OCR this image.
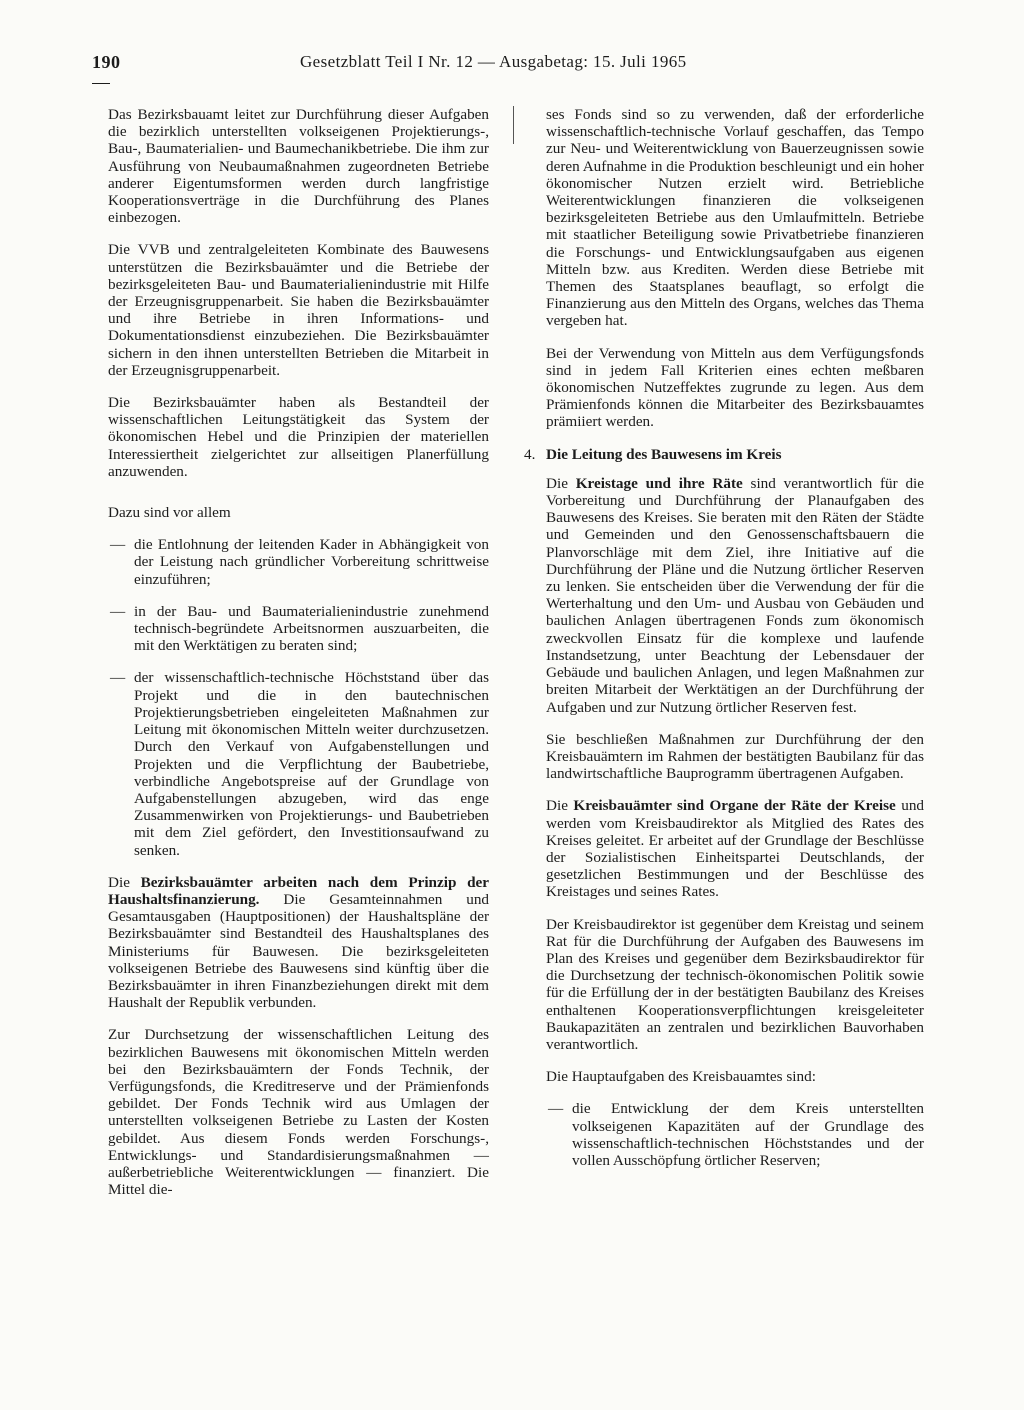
190	Gesetzblatt Teil I Nr. 12 — Ausgabetag: 15. Juli 1965

Das Bezirksbauamt leitet zur Durchführung dieser Aufgaben die bezirklich unterstellten volkseigenen Projektierungs-, Bau-, Baumaterialien- und Baumechanikbetriebe. Die ihm zur Ausführung von Neubaumaßnahmen zugeordneten Betriebe anderer Eigentumsformen werden durch langfristige Kooperationsverträge in die Durchführung des Planes einbezogen.

Die VVB und zentralgeleiteten Kombinate des Bauwesens unterstützen die Bezirksbauämter und die Betriebe der bezirksgeleiteten Bau- und Baumaterialienindustrie mit Hilfe der Erzeugnisgruppenarbeit. Sie haben die Bezirksbauämter und ihre Betriebe in ihren Informations- und Dokumentationsdienst einzubeziehen. Die Bezirksbauämter sichern in den ihnen unterstellten Betrieben die Mitarbeit in der Erzeugnisgruppenarbeit.

Die Bezirksbauämter haben als Bestandteil der wissenschaftlichen Leitungstätigkeit das System der ökonomischen Hebel und die Prinzipien der materiellen Interessiertheit zielgerichtet zur allseitigen Planerfüllung anzuwenden.

Dazu sind vor allem

— die Entlohnung der leitenden Kader in Abhängigkeit von der Leistung nach gründlicher Vorbereitung schrittweise einzuführen;
— in der Bau- und Baumaterialienindustrie zunehmend technisch-begründete Arbeitsnormen auszuarbeiten, die mit den Werktätigen zu beraten sind;
— der wissenschaftlich-technische Höchststand über das Projekt und die in den bautechnischen Projektierungsbetrieben eingeleiteten Maßnahmen zur Leitung mit ökonomischen Mitteln weiter durchzusetzen. Durch den Verkauf von Aufgabenstellungen und Projekten und die Verpflichtung der Baubetriebe, verbindliche Angebotspreise auf der Grundlage von Aufgabenstellungen abzugeben, wird das enge Zusammenwirken von Projektierungs- und Baubetrieben mit dem Ziel gefördert, den Investitionsaufwand zu senken.

Die Bezirksbauämter arbeiten nach dem Prinzip der Haushaltsfinanzierung. Die Gesamteinnahmen und Gesamtausgaben (Hauptpositionen) der Haushaltspläne der Bezirksbauämter sind Bestandteil des Haushaltsplanes des Ministeriums für Bauwesen. Die bezirksgeleiteten volkseigenen Betriebe des Bauwesens sind künftig über die Bezirksbauämter in ihren Finanzbeziehungen direkt mit dem Haushalt der Republik verbunden.

Zur Durchsetzung der wissenschaftlichen Leitung des bezirklichen Bauwesens mit ökonomischen Mitteln werden bei den Bezirksbauämtern der Fonds Technik, der Verfügungsfonds, die Kreditreserve und der Prämienfonds gebildet. Der Fonds Technik wird aus Umlagen der unterstellten volkseigenen Betriebe zu Lasten der Kosten gebildet. Aus diesem Fonds werden Forschungs-, Entwicklungs- und Standardisierungsmaßnahmen — außerbetriebliche Weiterentwicklungen — finanziert. Die Mittel die-

ses Fonds sind so zu verwenden, daß der erforderliche wissenschaftlich-technische Vorlauf geschaffen, das Tempo zur Neu- und Weiterentwicklung von Bauerzeugnissen sowie deren Aufnahme in die Produktion beschleunigt und ein hoher ökonomischer Nutzen erzielt wird. Betriebliche Weiterentwicklungen finanzieren die volkseigenen bezirksgeleiteten Betriebe aus den Umlaufmitteln. Betriebe mit staatlicher Beteiligung sowie Privatbetriebe finanzieren die Forschungs- und Entwicklungsaufgaben aus eigenen Mitteln bzw. aus Krediten. Werden diese Betriebe mit Themen des Staatsplanes beauflagt, so erfolgt die Finanzierung aus den Mitteln des Organs, welches das Thema vergeben hat.

Bei der Verwendung von Mitteln aus dem Verfügungsfonds sind in jedem Fall Kriterien eines echten meßbaren ökonomischen Nutzeffektes zugrunde zu legen. Aus dem Prämienfonds können die Mitarbeiter des Bezirksbauamtes prämiiert werden.

4. Die Leitung des Bauwesens im Kreis

Die Kreistage und ihre Räte sind verantwortlich für die Vorbereitung und Durchführung der Planaufgaben des Bauwesens des Kreises. Sie beraten mit den Räten der Städte und Gemeinden und den Genossenschaftsbauern die Planvorschläge mit dem Ziel, ihre Initiative auf die Durchführung der Pläne und die Nutzung örtlicher Reserven zu lenken. Sie entscheiden über die Verwendung der für die Werterhaltung und den Um- und Ausbau von Gebäuden und baulichen Anlagen übertragenen Fonds zum ökonomisch zweckvollen Einsatz für die komplexe und laufende Instandsetzung, unter Beachtung der Lebensdauer der Gebäude und baulichen Anlagen, und legen Maßnahmen zur breiten Mitarbeit der Werktätigen an der Durchführung der Aufgaben und zur Nutzung örtlicher Reserven fest.

Sie beschließen Maßnahmen zur Durchführung der den Kreisbauämtern im Rahmen der bestätigten Baubilanz für das landwirtschaftliche Bauprogramm übertragenen Aufgaben.

Die Kreisbauämter sind Organe der Räte der Kreise und werden vom Kreisbaudirektor als Mitglied des Rates des Kreises geleitet. Er arbeitet auf der Grundlage der Beschlüsse der Sozialistischen Einheitspartei Deutschlands, der gesetzlichen Bestimmungen und der Beschlüsse des Kreistages und seines Rates.

Der Kreisbaudirektor ist gegenüber dem Kreistag und seinem Rat für die Durchführung der Aufgaben des Bauwesens im Plan des Kreises und gegenüber dem Bezirksbaudirektor für die Durchsetzung der technisch-ökonomischen Politik sowie für die Erfüllung der in der bestätigten Baubilanz des Kreises enthaltenen Kooperationsverpflichtungen kreisgeleiteter Baukapazitäten an zentralen und bezirklichen Bauvorhaben verantwortlich.

Die Hauptaufgaben des Kreisbauamtes sind:

— die Entwicklung der dem Kreis unterstellten volkseigenen Kapazitäten auf der Grundlage des wissenschaftlich-technischen Höchststandes und der vollen Ausschöpfung örtlicher Reserven;
